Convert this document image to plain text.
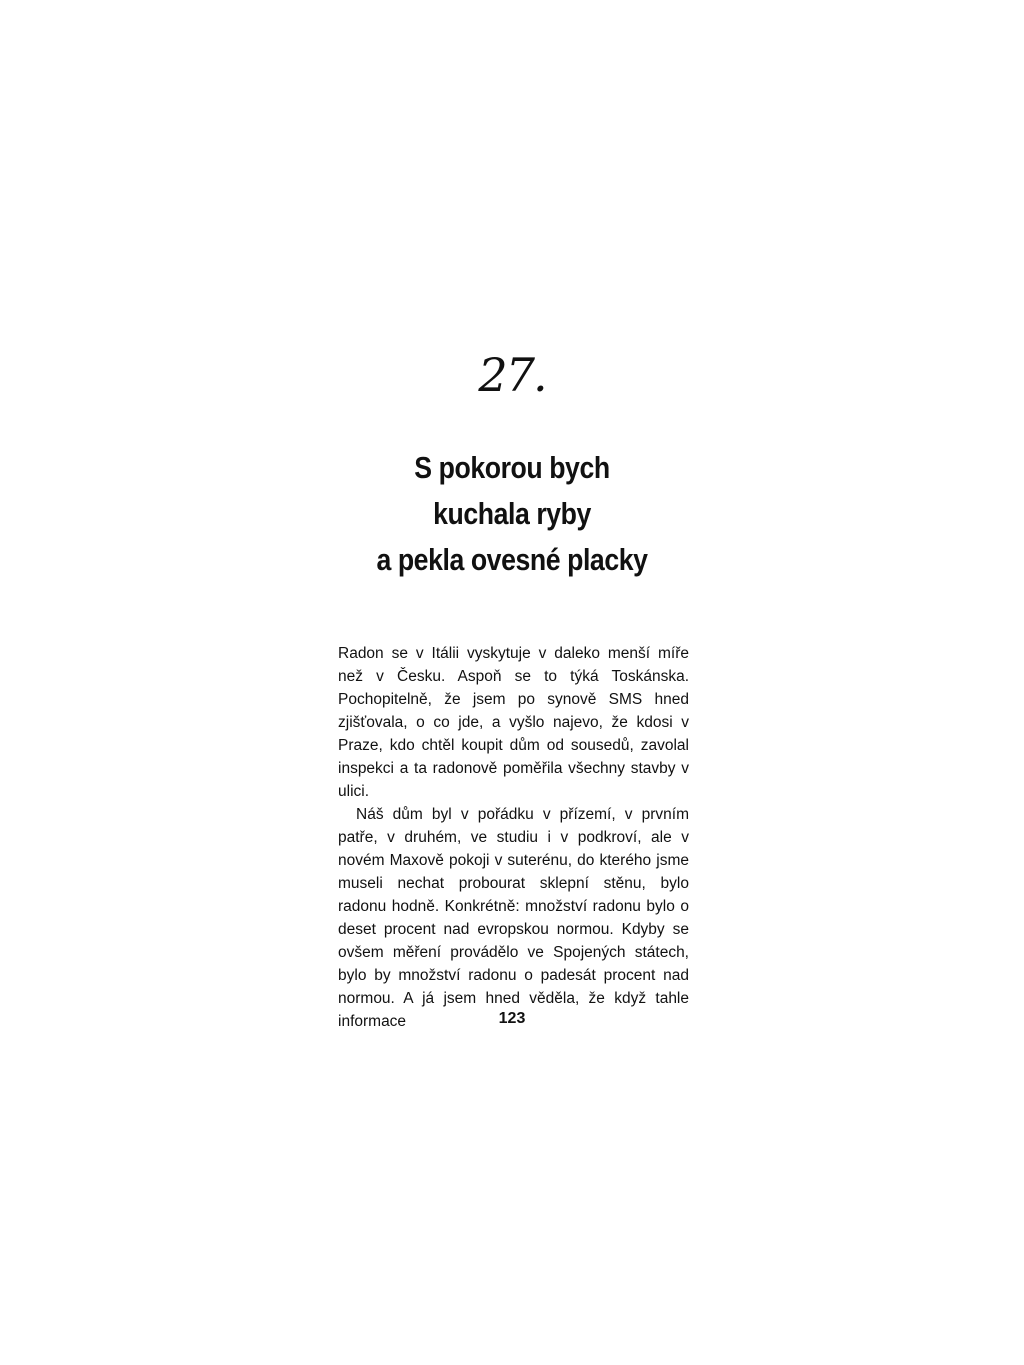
27.
S pokorou bych
kuchala ryby
a pekla ovesné placky

Radon se v Itálii vyskytuje v daleko menší míře než v Česku. Aspoň se to týká Toskánska. Pochopitelně, že jsem po synově SMS hned zjišťovala, o co jde, a vyšlo najevo, že kdosi v Praze, kdo chtěl koupit dům od sousedů, zavolal inspekci a ta radonově poměřila všechny stavby v ulici.

Náš dům byl v pořádku v přízemí, v prvním patře, v druhém, ve studiu i v podkroví, ale v novém Maxově pokoji v suterénu, do kterého jsme museli nechat probourat sklepní stěnu, bylo radonu hodně. Konkrétně: množství radonu bylo o deset procent nad evropskou normou. Kdyby se ovšem měření provádělo ve Spojených státech, bylo by množství radonu o padesát procent nad normou. A já jsem hned věděla, že když tahle informace	123
